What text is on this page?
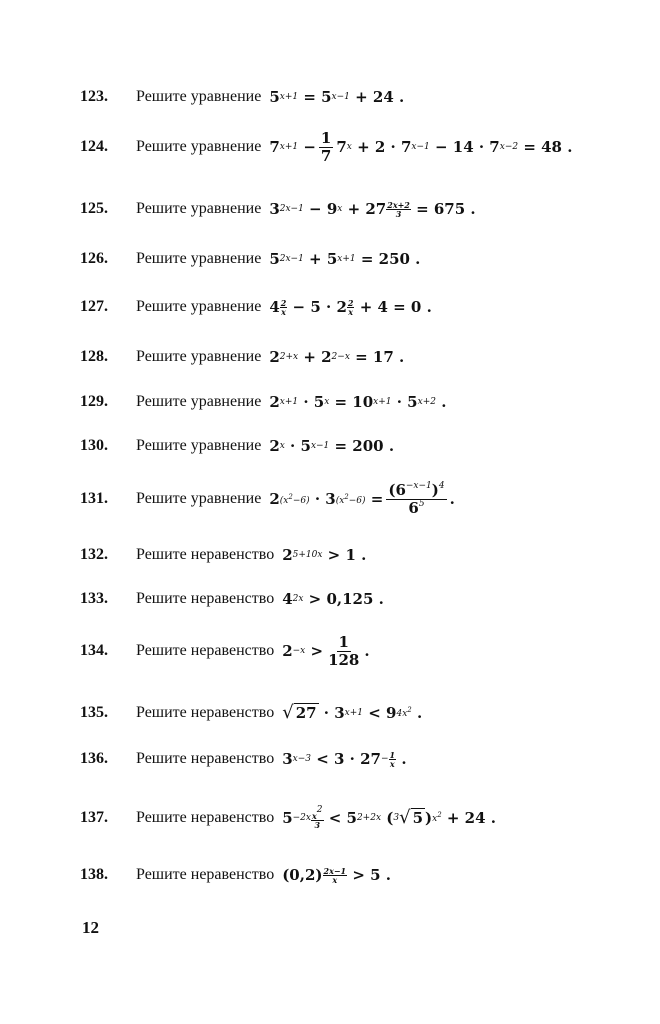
123.	Решите уравнение 5 x+1 = 5 x−1 + 24 .
124.	Решите уравнение 7 $x+1 - \frac{1}{7} 7$ x + 2 · 7 x−1 − 14 · 7 x−2 = 48 .
125.	Решите уравнение 3 2x−1 − 9 x + 27 2x+2
3 = 675 .
126.	Решите уравнение 5 2x−1 + 5 x+1 = 250 .
127.	Решите уравнение 4 2
x − 5 · 2 2
x + 4 = 0 .
128.	Решите уравнение 2 2+x + 2 2−x = 17 .
129.	Решите уравнение 2 x+1 · 5 x = 10 x+1 · 5 x+2 .
130.	Решите уравнение 2 x · 5 x−1 = 200 .
131.	Решите уравнение 2 $(x^2-6) \cdot 3$ $(x^2-6) = \frac{(6^{-x-1})^4}{6^5}$ .
132.	Решите неравенство 2 5+10x > 1 .
133.	Решите неравенство 4 2x > 0,125 .
134.	Решите неравенство $2 -x > \frac{1}{128}$ .
135.	Решите неравенство √ 27 · 3 x+1 < 9 $4x^2$ .
136.	Решите неравенство 3 $x-3 < 3 \cdot 27 - \frac{1}{x}$ .
137.	Решите неравенство 5 −2x $x^2$
3 < 5 2+2x ( 3 √ 5 ) $x^2 + 24$ .
138.	Решите неравенство (0,2) 2x−1
x > 5 .
12
